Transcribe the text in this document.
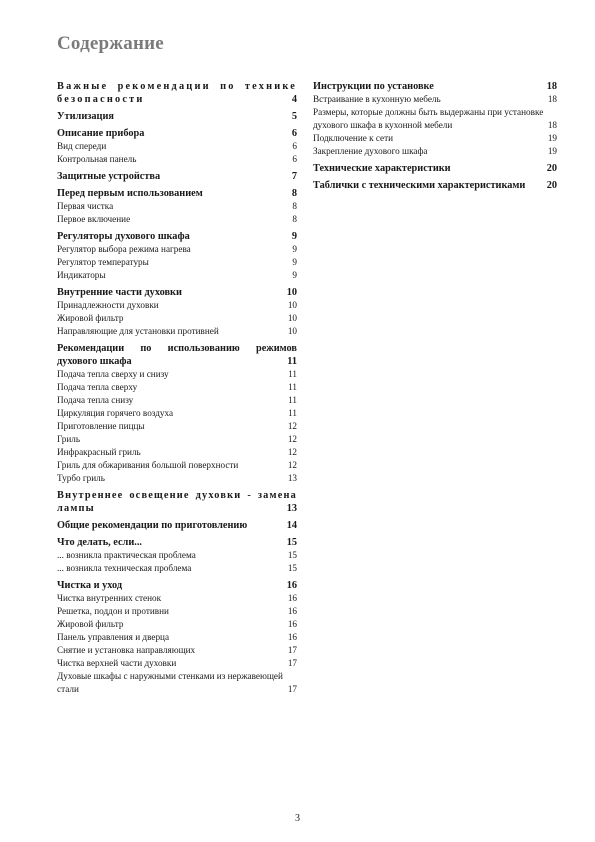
Содержание
Важные рекомендации по технике безопасности	4
Утилизация	5
Описание прибора	6
Вид спереди	6
Контрольная панель	6
Защитные устройства	7
Перед первым использованием	8
Первая чистка	8
Первое включение	8
Регуляторы духового шкафа	9
Регулятор выбора режима нагрева	9
Регулятор температуры	9
Индикаторы	9
Внутренние части духовки	10
Принадлежности духовки	10
Жировой фильтр	10
Направляющие для установки противней	10
Рекомендации по использованию режимов духового шкафа	11
Подача тепла сверху и снизу	11
Подача тепла сверху	11
Подача тепла снизу	11
Циркуляция горячего воздуха	11
Приготовление пиццы	12
Гриль	12
Инфракрасный гриль	12
Гриль для обжаривания большой поверхности	12
Турбо гриль	13
Внутреннее освещение духовки - замена лампы	13
Общие рекомендации по приготовлению	14
Что делать, если...	15
... возникла практическая проблема	15
... возникла техническая проблема	15
Чистка и уход	16
Чистка внутренних стенок	16
Решетка, поддон и противни	16
Жировой фильтр	16
Панель управления и дверца	16
Снятие и установка направляющих	17
Чистка верхней части духовки	17
Духовые шкафы с наружными стенками из нержавеющей стали	17
Инструкции по установке	18
Встраивание в кухонную мебель	18
Размеры, которые должны быть выдержаны при установке духового шкафа в кухонной мебели	18
Подключение к сети	19
Закрепление духового шкафа	19
Технические характеристики	20
Таблички с техническими характеристиками 20
3
